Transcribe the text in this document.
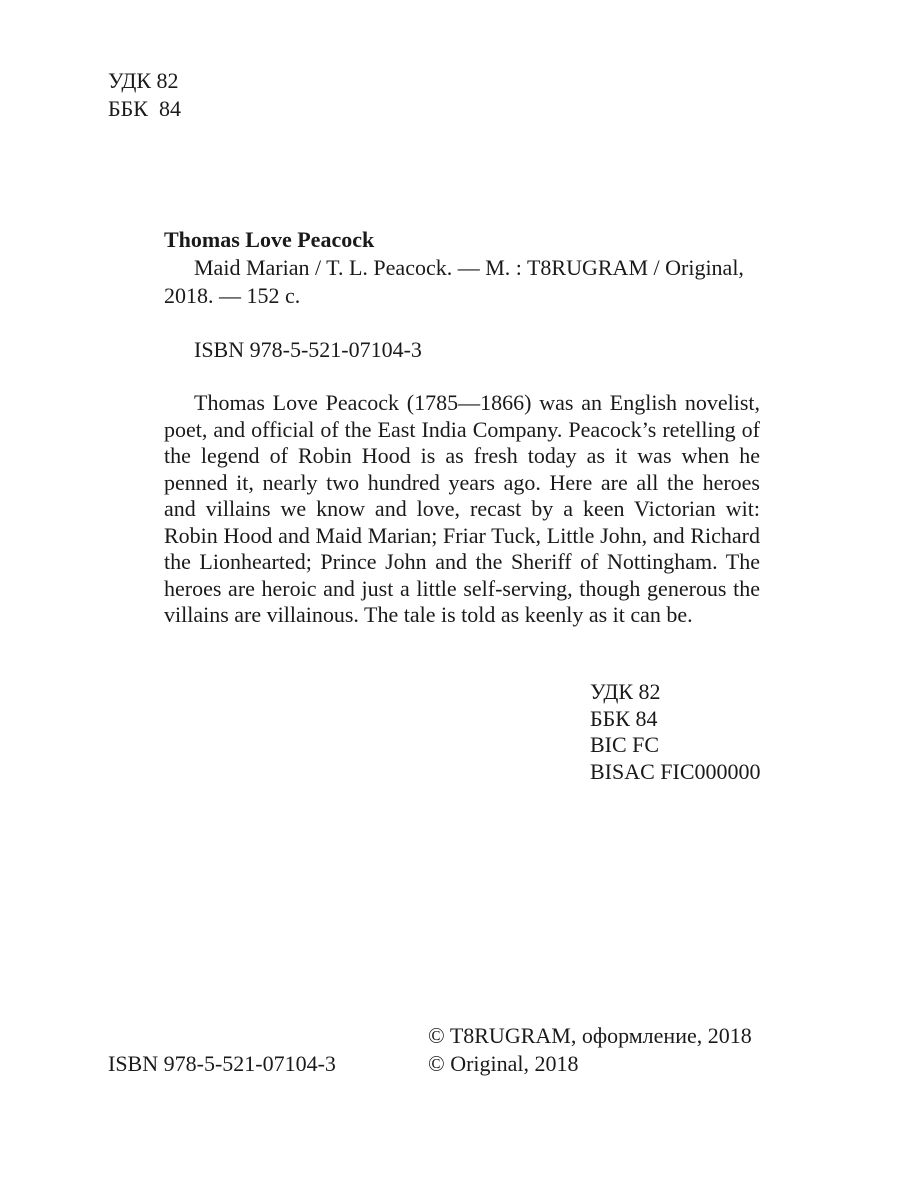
УДК 82
ББК  84
Thomas Love Peacock
Maid Marian / T. L. Peacock. — M. : T8RUGRAM / Original,
2018. — 152 с.
ISBN 978-5-521-07104-3
Thomas Love Peacock (1785—1866) was an English novelist, poet, and official of the East India Company. Peacock’s retelling of the legend of Robin Hood is as fresh today as it was when he penned it, nearly two hundred years ago. Here are all the heroes and villains we know and love, recast by a keen Victorian wit: Robin Hood and Maid Marian; Friar Tuck, Little John, and Richard the Lionhearted; Prince John and the Sheriff of Nottingham. The heroes are heroic and just a little self-serving, though generous the villains are villainous. The tale is told as keenly as it can be.
УДК 82
ББК 84
BIC FC
BISAC FIC000000
ISBN 978-5-521-07104-3
© T8RUGRAM, оформление, 2018
© Original, 2018
